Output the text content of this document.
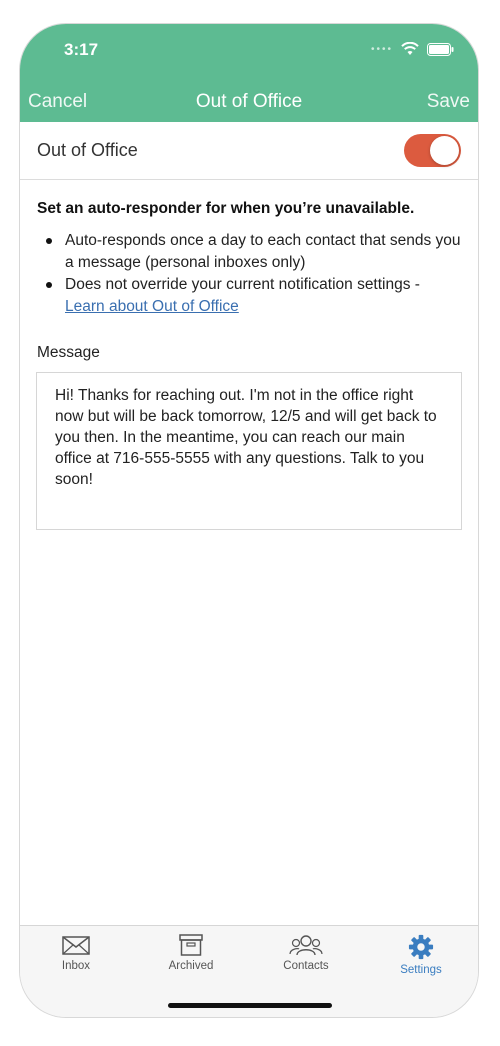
3:17	••••
Cancel	Out of Office	Save
Out of Office
Set an auto-responder for when you’re unavailable.
Auto-responds once a day to each contact that sends you a message (personal inboxes only)
Does not override your current notification settings -
Learn about Out of Office
Message
Hi! Thanks for reaching out. I'm not in the office right now but will be back tomorrow, 12/5 and will get back to you then. In the meantime, you can reach our main office at 716-555-5555 with any questions. Talk to you soon!
Inbox	Archived	Contacts	Settings
